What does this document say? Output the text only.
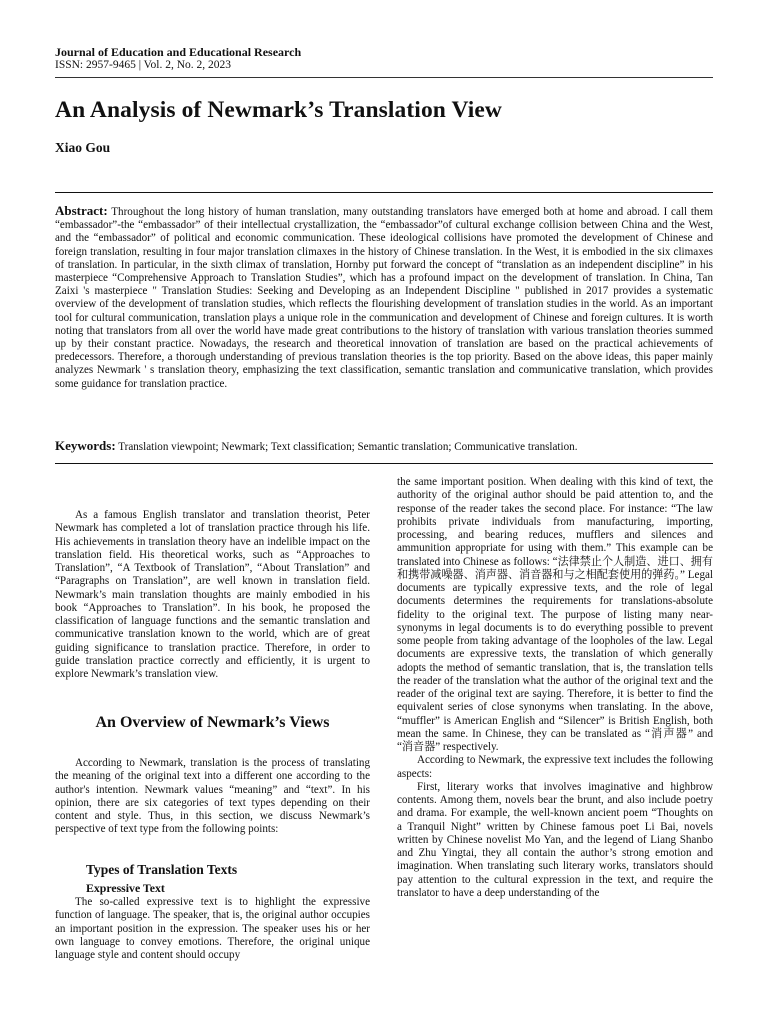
Journal of Education and Educational Research
ISSN: 2957-9465 | Vol. 2, No. 2, 2023
An Analysis of Newmark’s Translation View
Xiao Gou

Abstract: Throughout the long history of human translation, many outstanding translators have emerged both at home and abroad. I call them “embassador”-the “embassador” of their intellectual crystallization, the “embassador”of cultural exchange collision between China and the West, and the “embassador” of political and economic communication. These ideological collisions have promoted the development of Chinese and foreign translation, resulting in four major translation climaxes in the history of Chinese translation. In the West, it is embodied in the six climaxes of translation. In particular, in the sixth climax of translation, Hornby put forward the concept of “translation as an independent discipline” in his masterpiece “Comprehensive Approach to Translation Studies”, which has a profound impact on the development of translation. In China, Tan Zaixi 's masterpiece " Translation Studies: Seeking and Developing as an Independent Discipline " published in 2017 provides a systematic overview of the development of translation studies, which reflects the flourishing development of translation studies in the world. As an important tool for cultural communication, translation plays a unique role in the communication and development of Chinese and foreign cultures. It is worth noting that translators from all over the world have made great contributions to the history of translation with various translation theories summed up by their constant practice. Nowadays, the research and theoretical innovation of translation are based on the practical achievements of predecessors. Therefore, a thorough understanding of previous translation theories is the top priority. Based on the above ideas, this paper mainly analyzes Newmark ' s translation theory, emphasizing the text classification, semantic translation and communicative translation, which provides some guidance for translation practice.

Keywords: Translation viewpoint; Newmark; Text classification; Semantic translation; Communicative translation.

As a famous English translator and translation theorist, Peter Newmark has completed a lot of translation practice through his life. His achievements in translation theory have an indelible impact on the translation field. His theoretical works, such as “Approaches to Translation”, “A Textbook of Translation”, “About Translation” and “Paragraphs on Translation”, are well known in translation field. Newmark’s main translation thoughts are mainly embodied in his book “Approaches to Translation”. In his book, he proposed the classification of language functions and the semantic translation and communicative translation known to the world, which are of great guiding significance to translation practice. Therefore, in order to guide translation practice correctly and efficiently, it is urgent to explore Newmark’s translation view.

An Overview of Newmark’s Views

According to Newmark, translation is the process of translating the meaning of the original text into a different one according to the author's intention. Newmark values “meaning” and “text”. In his opinion, there are six categories of text types depending on their content and style. Thus, in this section, we discuss Newmark’s perspective of text type from the following points:

Types of Translation Texts
Expressive Text

The so-called expressive text is to highlight the expressive function of language. The speaker, that is, the original author occupies an important position in the expression. The speaker uses his or her own language to convey emotions. Therefore, the original unique language style and content should occupy

the same important position. When dealing with this kind of text, the authority of the original author should be paid attention to, and the response of the reader takes the second place. For instance: “The law prohibits private individuals from manufacturing, importing, processing, and bearing reduces, mufflers and silences and ammunition appropriate for using with them.” This example can be translated into Chinese as follows: “法律禁止个人制造、进口、拥有和携带减噪器、消声器、消音器和与之相配套使用的弹药。” Legal documents are typically expressive texts, and the role of legal documents determines the requirements for translations-absolute fidelity to the original text. The purpose of listing many near-synonyms in legal documents is to do everything possible to prevent some people from taking advantage of the loopholes of the law. Legal documents are expressive texts, the translation of which generally adopts the method of semantic translation, that is, the translation tells the reader of the translation what the author of the original text and the reader of the original text are saying. Therefore, it is better to find the equivalent series of close synonyms when translating. In the above, “muffler” is American English and “Silencer” is British English, both mean the same. In Chinese, they can be translated as “消声器” and “消音器” respectively.

According to Newmark, the expressive text includes the following aspects:

First, literary works that involves imaginative and highbrow contents. Among them, novels bear the brunt, and also include poetry and drama. For example, the well-known ancient poem “Thoughts on a Tranquil Night” written by Chinese famous poet Li Bai, novels written by Chinese novelist Mo Yan, and the legend of Liang Shanbo and Zhu Yingtai, they all contain the author’s strong emotion and imagination. When translating such literary works, translators should pay attention to the cultural expression in the text, and require the translator to have a deep understanding of the
